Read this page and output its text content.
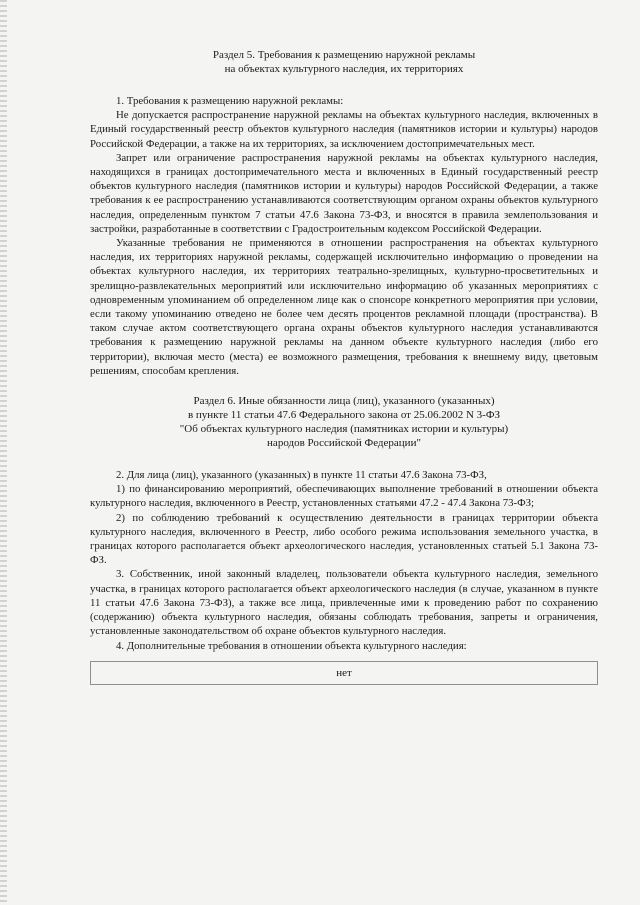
Раздел 5. Требования к размещению наружной рекламы
на объектах культурного наследия, их территориях

1. Требования к размещению наружной рекламы:

Не допускается распространение наружной рекламы на объектах культурного наследия, включенных в Единый государственный реестр объектов культурного наследия (памятников истории и культуры) народов Российской Федерации, а также на их территориях, за исключением достопримечательных мест.

Запрет или ограничение распространения наружной рекламы на объектах культурного наследия, находящихся в границах достопримечательного места и включенных в Единый государственный реестр объектов культурного наследия (памятников истории и культуры) народов Российской Федерации, а также требования к ее распространению устанавливаются соответствующим органом охраны объектов культурного наследия, определенным пунктом 7 статьи 47.6 Закона 73-ФЗ, и вносятся в правила землепользования и застройки, разработанные в соответствии с Градостроительным кодексом Российской Федерации.

Указанные требования не применяются в отношении распространения на объектах культурного наследия, их территориях наружной рекламы, содержащей исключительно информацию о проведении на объектах культурного наследия, их территориях театрально-зрелищных, культурно-просветительных и зрелищно-развлекательных мероприятий или исключительно информацию об указанных мероприятиях с одновременным упоминанием об определенном лице как о спонсоре конкретного мероприятия при условии, если такому упоминанию отведено не более чем десять процентов рекламной площади (пространства). В таком случае актом соответствующего органа охраны объектов культурного наследия устанавливаются требования к размещению наружной рекламы на данном объекте культурного наследия (либо его территории), включая место (места) ее возможного размещения, требования к внешнему виду, цветовым решениям, способам крепления.

Раздел 6. Иные обязанности лица (лиц), указанного (указанных)
в пункте 11 статьи 47.6 Федерального закона от 25.06.2002 N 3-ФЗ
"Об объектах культурного наследия (памятниках истории и культуры)
народов Российской Федерации"

2. Для лица (лиц), указанного (указанных) в пункте 11 статьи 47.6 Закона 73-ФЗ,

1) по финансированию мероприятий, обеспечивающих выполнение требований в отношении объекта культурного наследия, включенного в Реестр, установленных статьями 47.2 - 47.4 Закона 73-ФЗ;

2) по соблюдению требований к осуществлению деятельности в границах территории объекта культурного наследия, включенного в Реестр, либо особого режима использования земельного участка, в границах которого располагается объект археологического наследия, установленных статьей 5.1 Закона 73-ФЗ.

3. Собственник, иной законный владелец, пользователи объекта культурного наследия, земельного участка, в границах которого располагается объект археологического наследия (в случае, указанном в пункте 11 статьи 47.6 Закона 73-ФЗ), а также все лица, привлеченные ими к проведению работ по сохранению (содержанию) объекта культурного наследия, обязаны соблюдать требования, запреты и ограничения, установленные законодательством об охране объектов культурного наследия.

4. Дополнительные требования в отношении объекта культурного наследия:

нет
